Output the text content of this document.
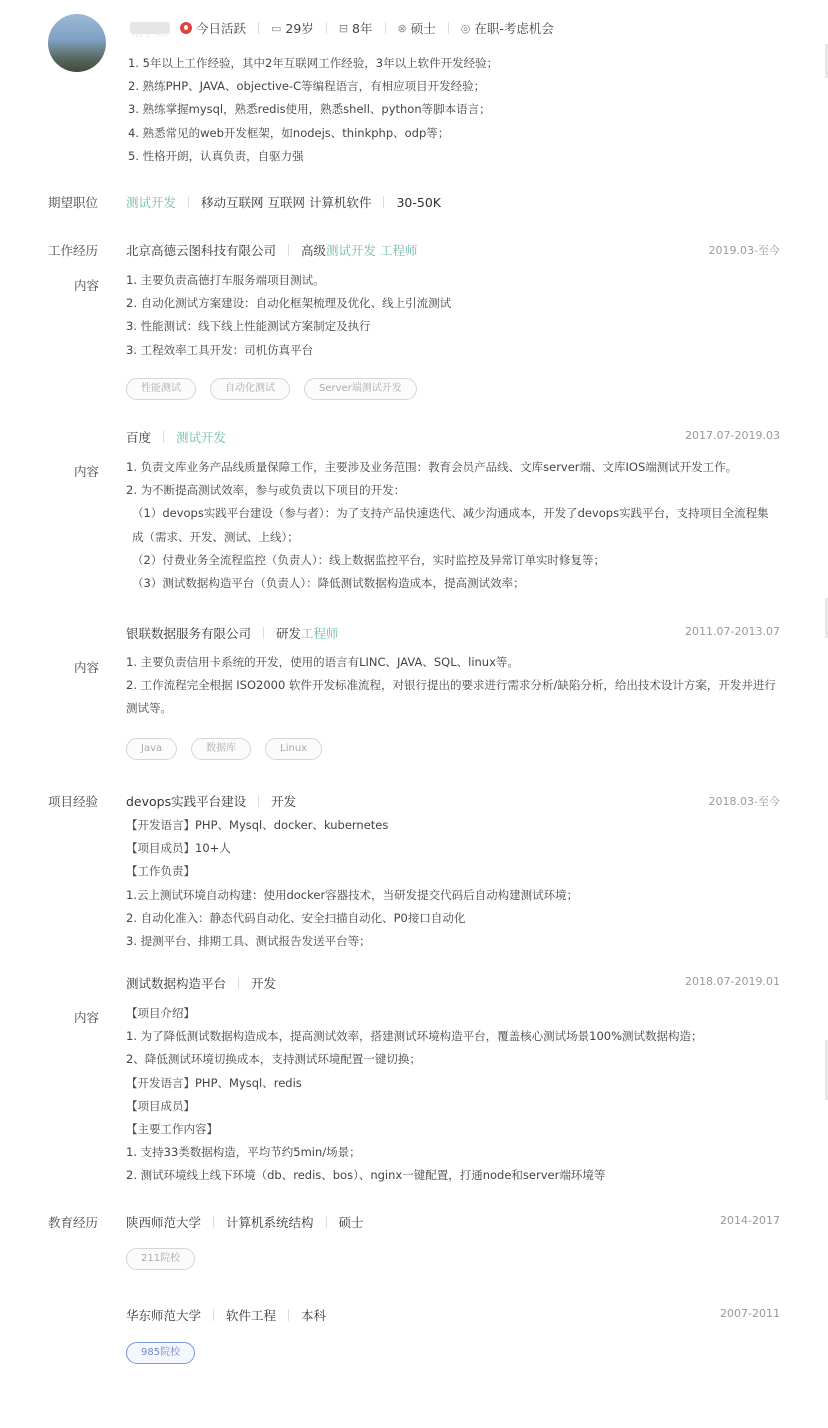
张小某 今日活跃 ▭ 29岁 ⊟ 8年 ⊗ 硕士 ◎ 在职-考虑机会
1. 5年以上工作经验，其中2年互联网工作经验，3年以上软件开发经验；
2. 熟练PHP、JAVA、objective-C等编程语言，有相应项目开发经验；
3. 熟练掌握mysql，熟悉redis使用，熟悉shell、python等脚本语言；
4. 熟悉常见的web开发框架，如nodejs、thinkphp、odp等；
5. 性格开朗，认真负责，自驱力强
期望职位 测试开发 移动互联网 互联网 计算机软件 30-50K
工作经历 北京高德云图科技有限公司 高级 测试开发 工程师	2019.03-至今
内容 1. 主要负责高德打车服务端项目测试。
2. 自动化测试方案建设：自动化框架梳理及优化、线上引流测试
3. 性能测试：线下线上性能测试方案制定及执行
3. 工程效率工具开发：司机仿真平台
性能测试	自动化测试	Server端测试开发
百度 测试开发	2017.07-2019.03
内容 1. 负责文库业务产品线质量保障工作，主要涉及业务范围：教育会员产品线、文库server端、文库IOS端测试开发工作。
2. 为不断提高测试效率，参与或负责以下项目的开发：
（1）devops实践平台建设（参与者）：为了支持产品快速迭代、减少沟通成本，开发了devops实践平台，支持项目全流程集成（需求、开发、测试、上线）；
（2）付费业务全流程监控（负责人）：线上数据监控平台，实时监控及异常订单实时修复等；
（3）测试数据构造平台（负责人）：降低测试数据构造成本，提高测试效率；
银联数据服务有限公司 研发 工程师	2011.07-2013.07
内容 1. 主要负责信用卡系统的开发，使用的语言有LINC、JAVA、SQL、linux等。
2. 工作流程完全根据 ISO2000 软件开发标准流程，对银行提出的要求进行需求分析/缺陷分析，给出技术设计方案，开发并进行测试等。
Java	数据库	Linux
项目经验 devops实践平台建设 开发	2018.03-至今
【开发语言】PHP、Mysql、docker、kubernetes
【项目成员】10+人
【工作负责】
1.云上测试环境自动构建：使用docker容器技术，当研发提交代码后自动构建测试环境；
2. 自动化准入：静态代码自动化、安全扫描自动化、P0接口自动化
3. 提测平台、排期工具、测试报告发送平台等；
测试数据构造平台 开发	2018.07-2019.01
内容 【项目介绍】
1. 为了降低测试数据构造成本，提高测试效率，搭建测试环境构造平台，覆盖核心测试场景100%测试数据构造；
2、降低测试环境切换成本，支持测试环境配置一键切换；
【开发语言】PHP、Mysql、redis
【项目成员】
【主要工作内容】
1. 支持33类数据构造，平均节约5min/场景；
2. 测试环境线上线下环境（db、redis、bos）、nginx一键配置，打通node和server端环境等
教育经历 陕西师范大学 计算机系统结构 硕士	2014-2017
211院校
华东师范大学 软件工程 本科	2007-2011
985院校
